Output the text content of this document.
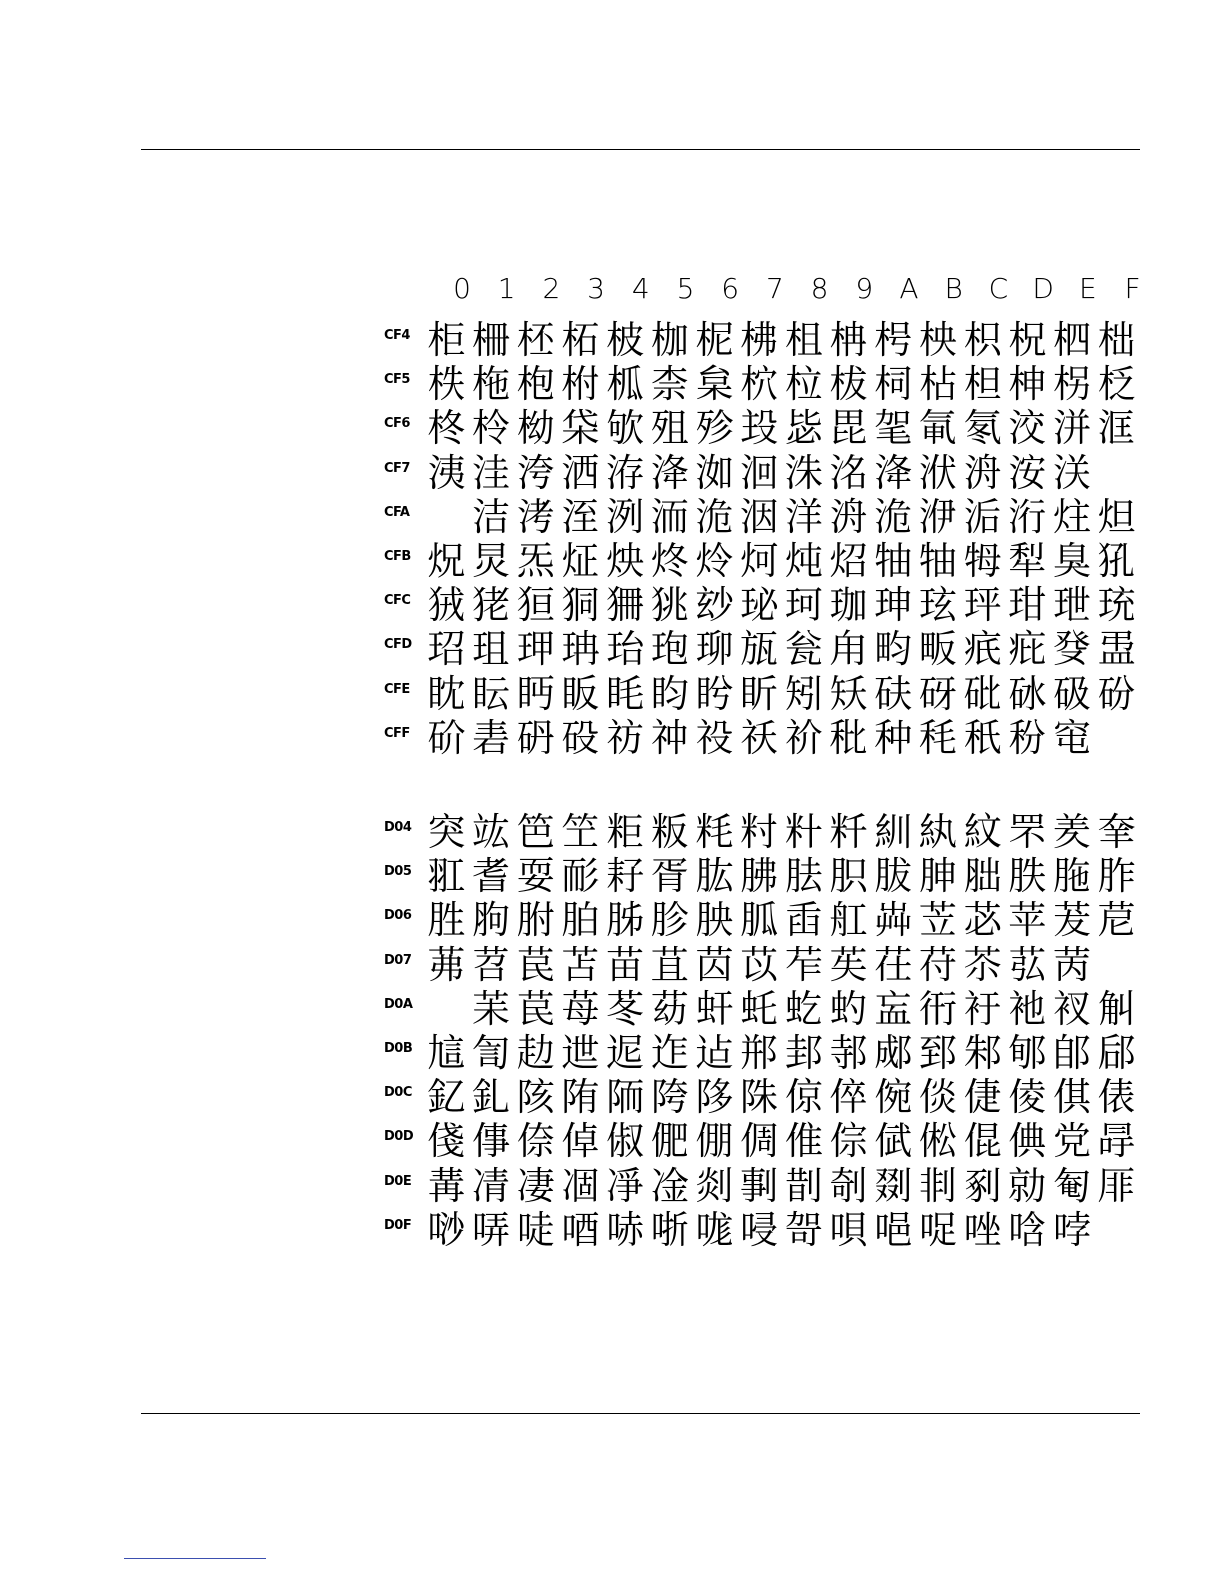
0 1 2 3 4 5 6 7 8 9 A B C D E F
CF4 柜 柵 柸 柘 柀 枷 柅 柫 柤 柟 枵 柍 枳 柷 柶 柮
CF5 柣 柂 枹 柎 柧 柰 枲 柼 柆 柭 柌 枮 柦 柛 柺 柉
CF6 柊 柃 柪 柋 欨 殂 殄 殶 毖 毘 毠 氠 氡 洨 洴 洭
CF7 洟 洼 洿 洒 洊 洚 洳 洄 洙 洺 洚 洑 洀 洝 浂
CFA	洁 洘 洷 洌 洏 洈 洇 洋 洀 洈 洢 洉 洐 炷 炟
CFB 炾 炅 炁 炡 炴 炵 炩 炣 炖 炤 牰 牰 牳 犁 臭 犼
CFC 狨 狫 狟 狪 狦 狣 玅 珌 珂 珈 珅 玹 玶 玵 玴 珫
CFD 玿 珇 玾 珃 珆 玸 珋 瓬 瓮 甪 畇 畈 疧 疪 癹 盄
CFE 眈 眃 眄 眅 眊 盷 盻 盺 矧 矨 砆 砑 砒 砅 砐 砏
CFF 砎 砉 砃 砓 祊 祌 祋 祅 祄 秕 种 秏 秖 秎 窀
D04 突 竑 笆 笁 粔 粄 粍 籿 籵 粁 紃 紈 紋 罘 羑 羍
D05 羾 耆 耍 耏 耔 胥 肱 胇 胠 胑 胈 胂 胐 胅 胣 胙
D06 胜 胊 胕 胉 胏 胗 胦 胍 臿 舡 芔 苙 苾 苹 茇 苨
D07 茀 苕 苠 苫 苗 苴 苬 苡 苲 苵 茌 苻 苶 苰 苪
D0A	苿 苠 苺 苳 苭 虷 虴 虼 虳 衁 衎 衧 衪 衩 觓
D0B 訄 訇 赲 迣 迡 迮 迠 郱 邽 邿 郕 郅 邾 郇 郋 郈
D0C 釔 釓 陔 陏 陑 陓 陊 陎 倞 倅 倇 倓 倢 倰 倛 俵
D0D 俴 倳 倷 倬 俶 俷 倗 倜 倠 倧 倵 倯 倱 倎 党 冔
D0E 冓 凊 凄 凅 凈 凎 剡 剚 剒 剞 剟 剕 剢 勍 匎 厞
D0F 唦 哢 唗 唒 哧 哳 哤 唚 哿 唄 唈 哫 唑 唅 哱
